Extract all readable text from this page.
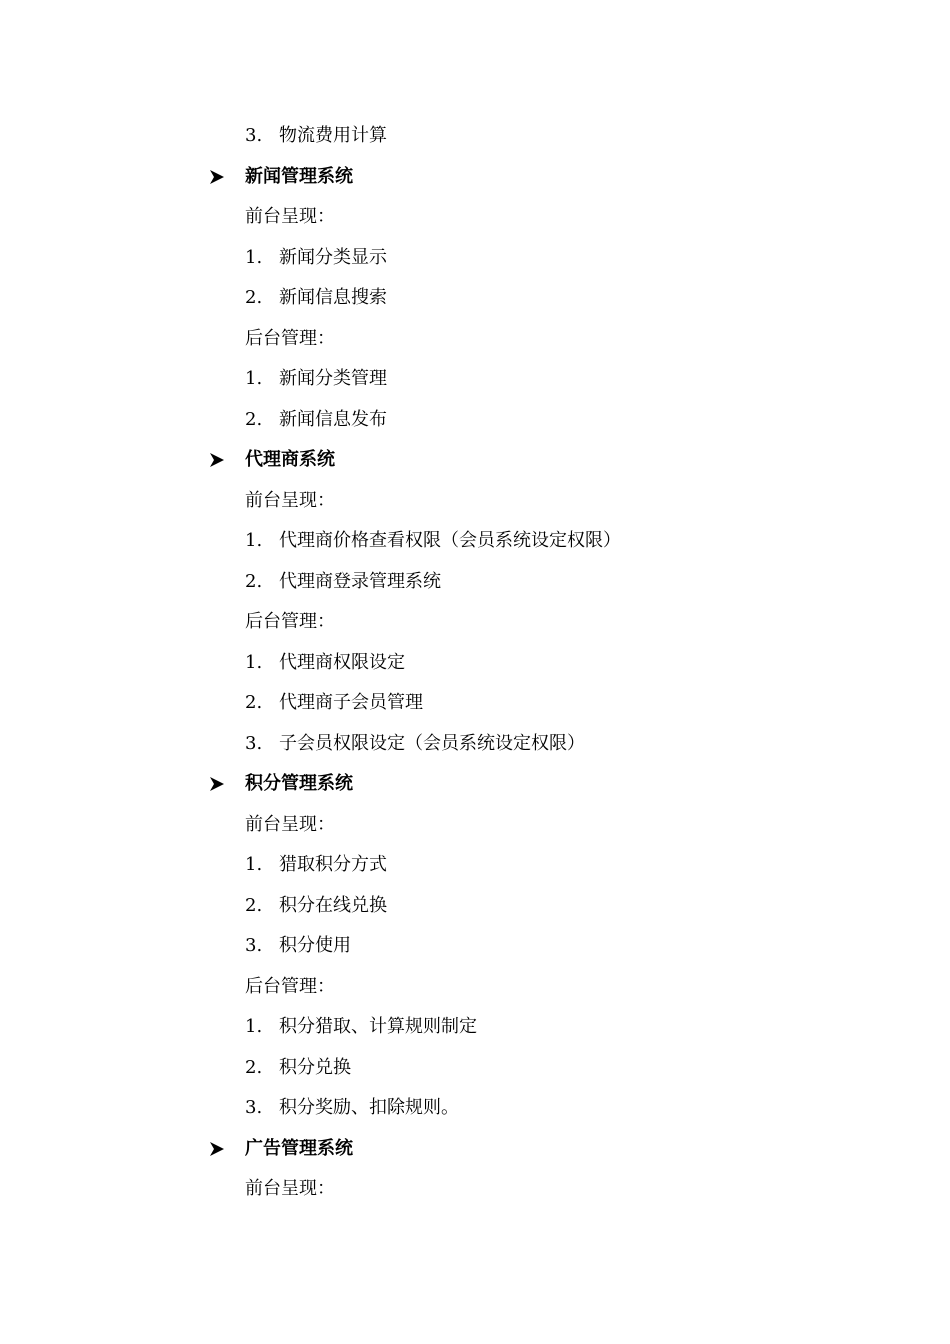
3. 物流费用计算
新闻管理系统
前台呈现：
1. 新闻分类显示
2. 新闻信息搜索
后台管理：
1. 新闻分类管理
2. 新闻信息发布
代理商系统
前台呈现：
1. 代理商价格查看权限（会员系统设定权限）
2. 代理商登录管理系统
后台管理：
1. 代理商权限设定
2. 代理商子会员管理
3. 子会员权限设定（会员系统设定权限）
积分管理系统
前台呈现：
1. 猎取积分方式
2. 积分在线兑换
3. 积分使用
后台管理：
1. 积分猎取、计算规则制定
2. 积分兑换
3. 积分奖励、扣除规则。
广告管理系统
前台呈现：
